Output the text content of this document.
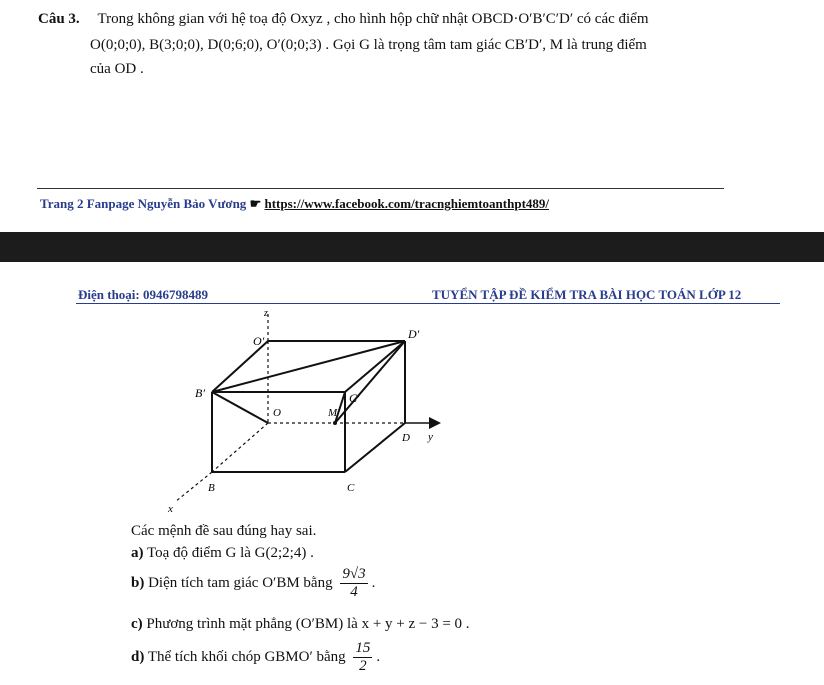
Câu 3. Trong không gian với hệ toạ độ Oxyz , cho hình hộp chữ nhật OBCD·O′B′C′D′ có các điểm
O(0;0;0), B(3;0;0), D(0;6;0), O′(0;0;3) . Gọi G là trọng tâm tam giác CB′D′, M là trung điểm
của OD .
Trang 2 Fanpage Nguyễn Bảo Vương ☛ https://www.facebook.com/tracnghiemtoanthpt489/
Điện thoại: 0946798489	TUYỂN TẬP ĐỀ KIỂM TRA BÀI HỌC TOÁN LỚP 12
z
O′	D′
B′	C′
O	M
D y
B	C
x
Các mệnh đề sau đúng hay sai.
a) Toạ độ điểm G là G(2;2;4) .
b) Diện tích tam giác O′BM bằng $\frac{9√3}{4}$ .
c) Phương trình mặt phẳng (O′BM) là x + y + z − 3 = 0 .
d) Thể tích khối chóp GBMO′ bằng $\frac{15}{2}$ .
